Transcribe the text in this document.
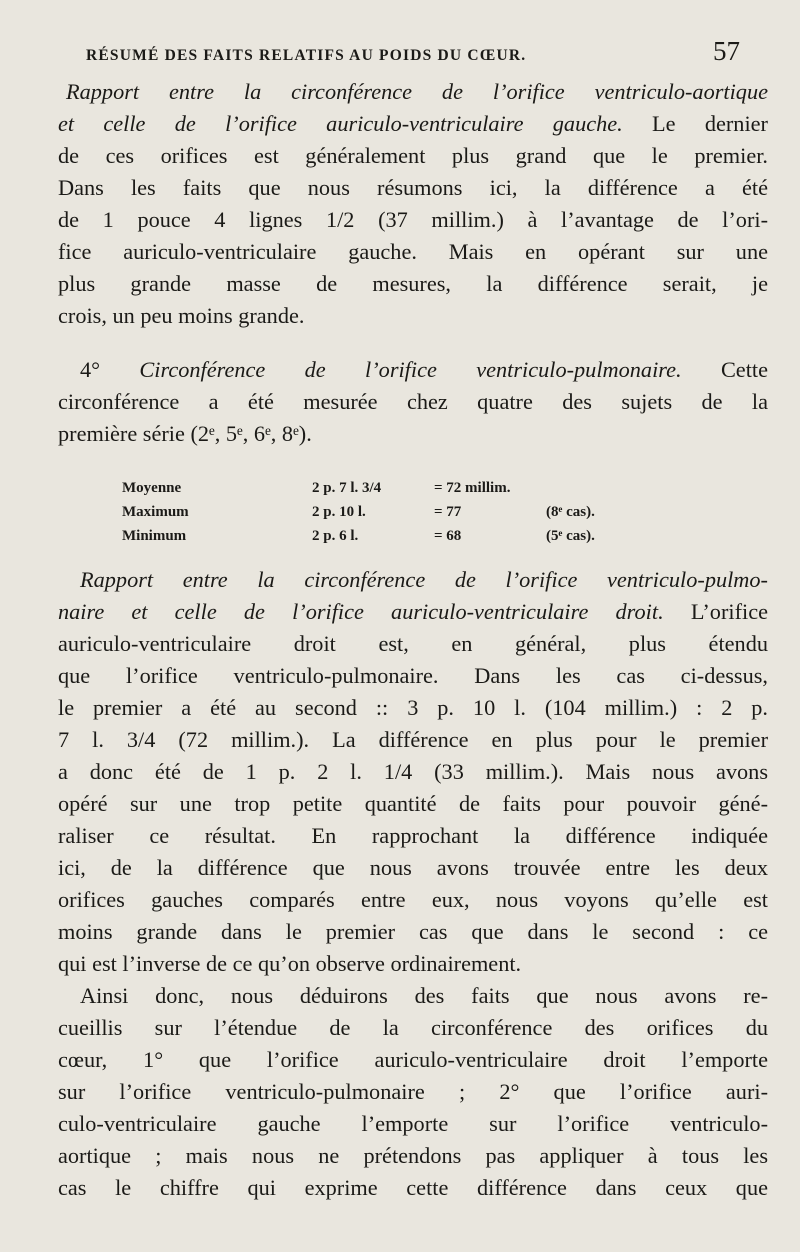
RÉSUMÉ DES FAITS RELATIFS AU POIDS DU CŒUR.	57
Rapport entre la circonférence de l’orifice ventriculo-aortique
et celle de l’orifice auriculo-ventriculaire gauche. Le dernier
de ces orifices est généralement plus grand que le premier.
Dans les faits que nous résumons ici, la différence a été
de 1 pouce 4 lignes 1/2 (37 millim.) à l’avantage de l’ori-
fice auriculo-ventriculaire gauche. Mais en opérant sur une
plus grande masse de mesures, la différence serait, je
crois, un peu moins grande.
4° Circonférence de l’orifice ventriculo-pulmonaire. Cette
circonférence a été mesurée chez quatre des sujets de la
première série (2ᵉ, 5ᵉ, 6ᵉ, 8ᵉ).
Moyenne	2 p. 7 l. 3/4	= 72 millim.	
Maximum	2 p. 10 l.	= 77	(8ᵉ cas).
Minimum	2 p. 6 l.	= 68	(5ᵉ cas).
Rapport entre la circonférence de l’orifice ventriculo-pulmo-
naire et celle de l’orifice auriculo-ventriculaire droit. L’orifice
auriculo-ventriculaire droit est, en général, plus étendu
que l’orifice ventriculo-pulmonaire. Dans les cas ci-dessus,
le premier a été au second :: 3 p. 10 l. (104 millim.) : 2 p.
7 l. 3/4 (72 millim.). La différence en plus pour le premier
a donc été de 1 p. 2 l. 1/4 (33 millim.). Mais nous avons
opéré sur une trop petite quantité de faits pour pouvoir géné-
raliser ce résultat. En rapprochant la différence indiquée
ici, de la différence que nous avons trouvée entre les deux
orifices gauches comparés entre eux, nous voyons qu’elle est
moins grande dans le premier cas que dans le second : ce
qui est l’inverse de ce qu’on observe ordinairement.
Ainsi donc, nous déduirons des faits que nous avons re-
cueillis sur l’étendue de la circonférence des orifices du
cœur, 1° que l’orifice auriculo-ventriculaire droit l’emporte
sur l’orifice ventriculo-pulmonaire ; 2° que l’orifice auri-
culo-ventriculaire gauche l’emporte sur l’orifice ventriculo-
aortique ; mais nous ne prétendons pas appliquer à tous les
cas le chiffre qui exprime cette différence dans ceux que
